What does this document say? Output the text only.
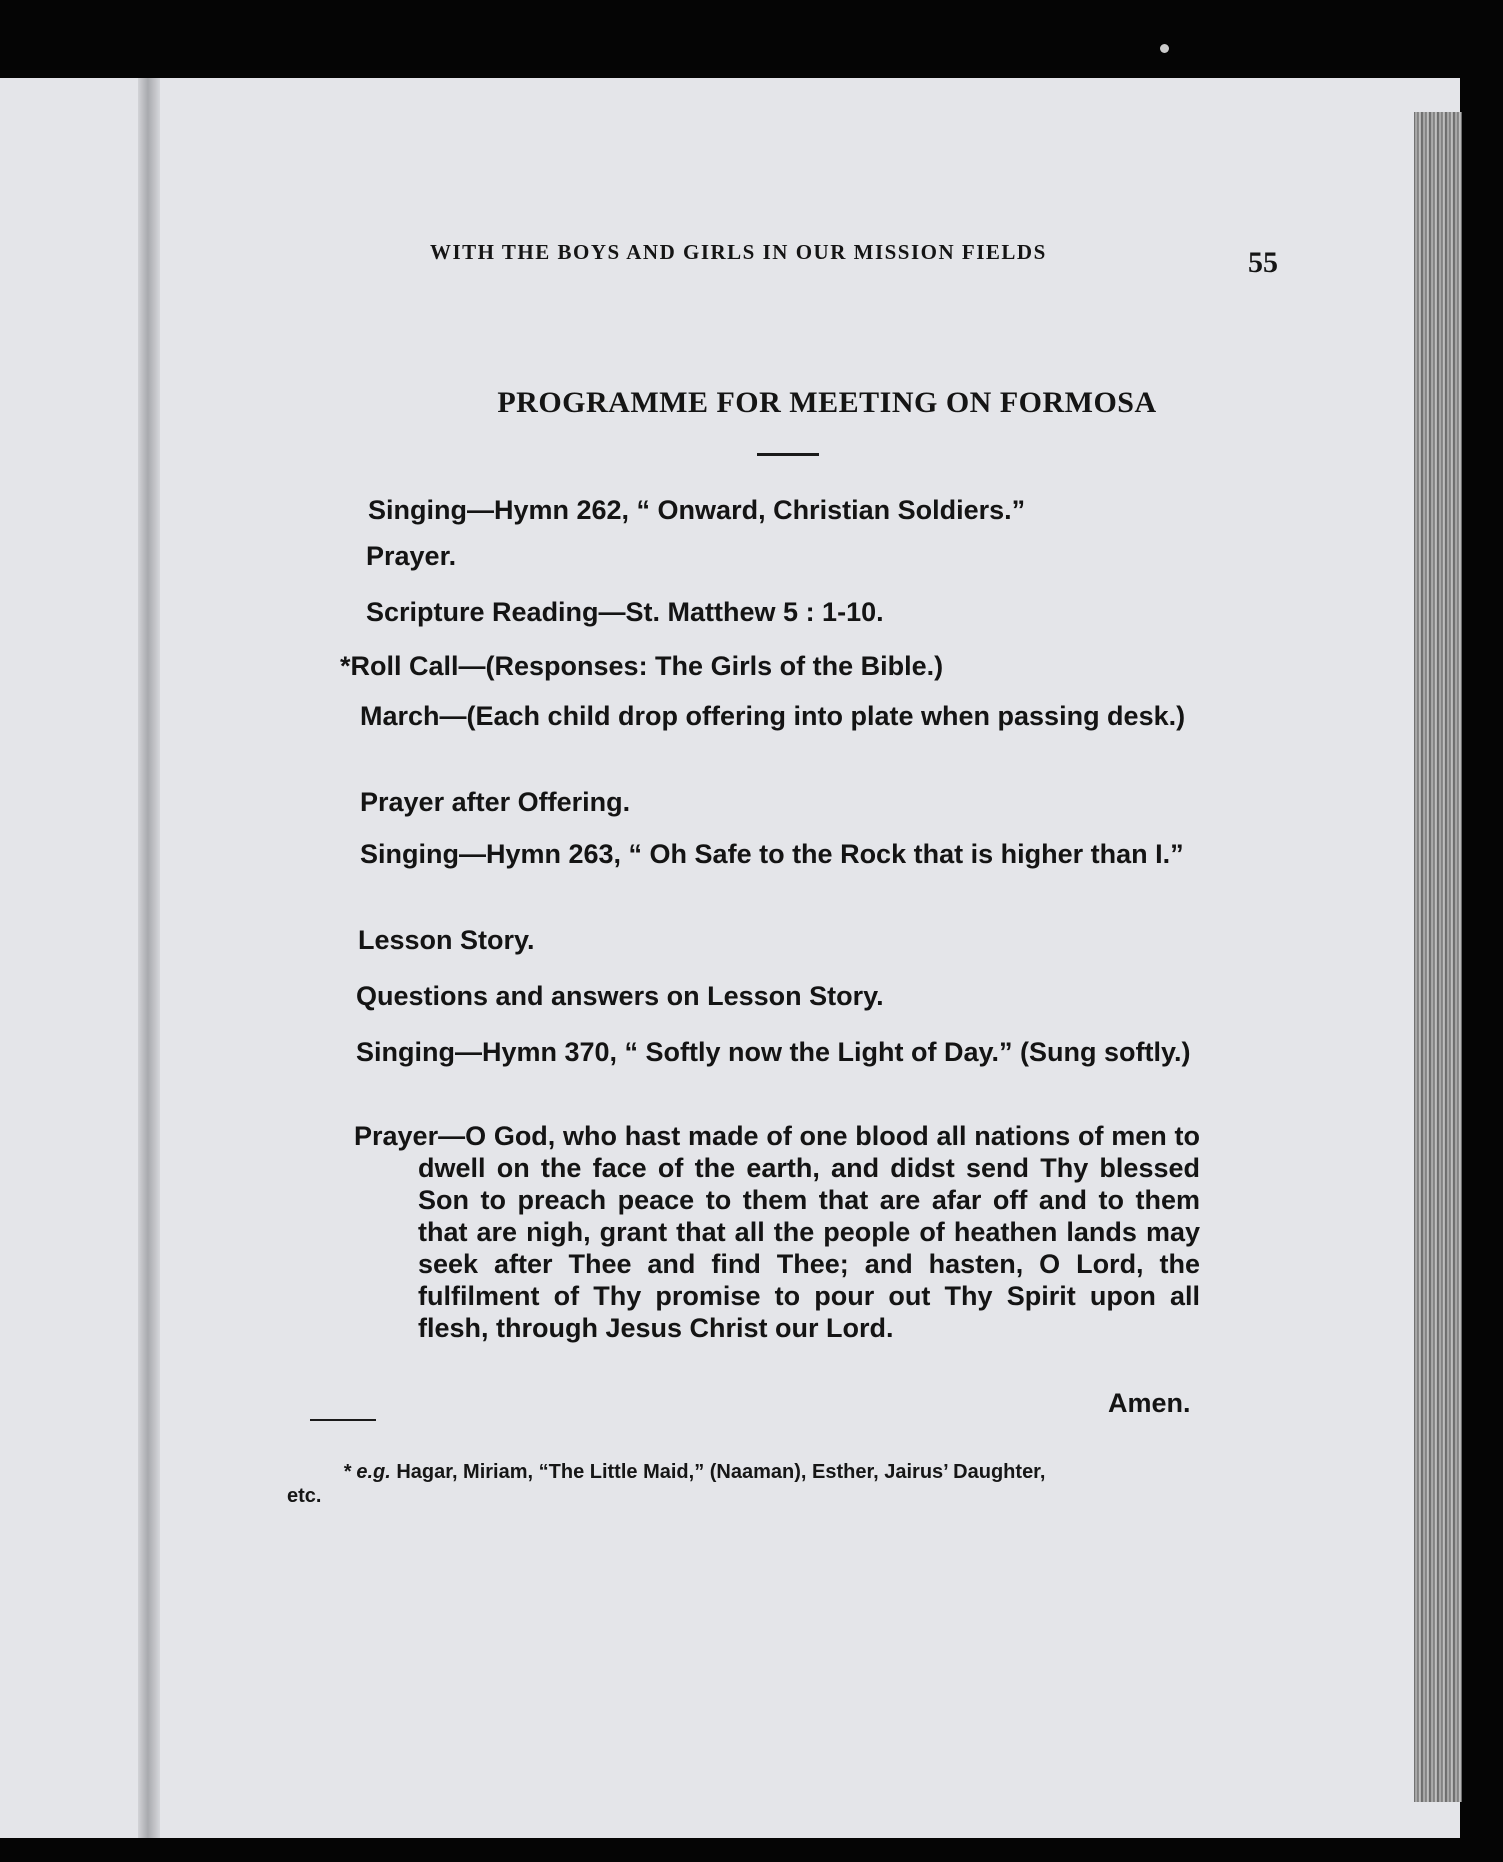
WITH THE BOYS AND GIRLS IN OUR MISSION FIELDS	55
PROGRAMME FOR MEETING ON FORMOSA
Singing—Hymn 262, “ Onward, Christian Soldiers.”
Prayer.
Scripture Reading—St. Matthew 5 : 1-10.
*Roll Call—(Responses: The Girls of the Bible.)
March—(Each child drop offering into plate when passing desk.)
Prayer after Offering.
Singing—Hymn 263, “ Oh Safe to the Rock that is higher than I.”
Lesson Story.
Questions and answers on Lesson Story.
Singing—Hymn 370, “ Softly now the Light of Day.” (Sung softly.)
Prayer—O God, who hast made of one blood all nations of men to dwell on the face of the earth, and didst send Thy blessed Son to preach peace to them that are afar off and to them that are nigh, grant that all the people of heathen lands may seek after Thee and find Thee; and hasten, O Lord, the fulfilment of Thy promise to pour out Thy Spirit upon all flesh, through Jesus Christ our Lord.
Amen.
* e.g. Hagar, Miriam, “The Little Maid,” (Naaman), Esther, Jairus’ Daughter,
etc.
